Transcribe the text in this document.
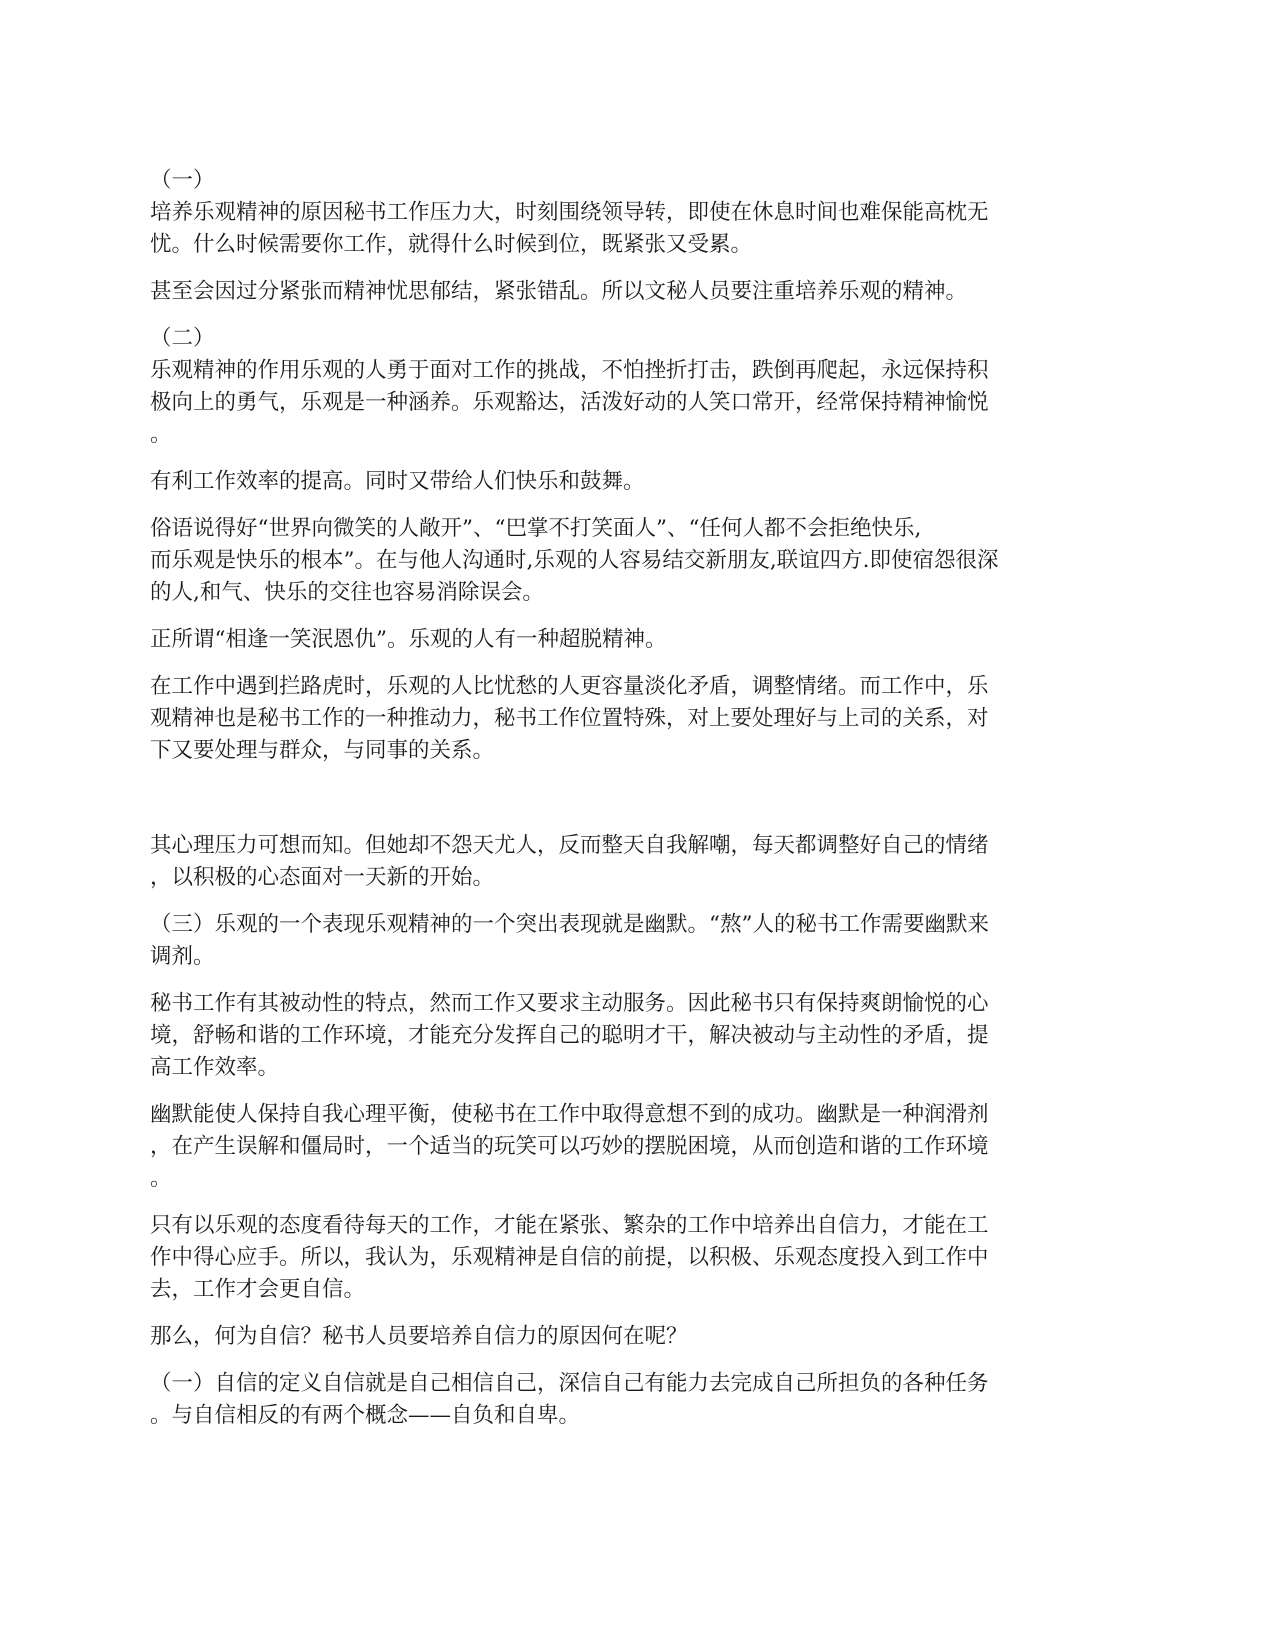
（一）
培养乐观精神的原因秘书工作压力大，时刻围绕领导转，即使在休息时间也难保能高枕无
忧。什么时候需要你工作，就得什么时候到位，既紧张又受累。
甚至会因过分紧张而精神忧思郁结，紧张错乱。所以文秘人员要注重培养乐观的精神。
（二）
乐观精神的作用乐观的人勇于面对工作的挑战，不怕挫折打击，跌倒再爬起，永远保持积
极向上的勇气，乐观是一种涵养。乐观豁达，活泼好动的人笑口常开，经常保持精神愉悦
。
有利工作效率的提高。同时又带给人们快乐和鼓舞。
俗语说得好“世界向微笑的人敞开”、“巴掌不打笑面人”、“任何人都不会拒绝快乐,
而乐观是快乐的根本”。在与他人沟通时,乐观的人容易结交新朋友,联谊四方.即使宿怨很深
的人,和气、快乐的交往也容易消除误会。
正所谓“相逢一笑泯恩仇”。乐观的人有一种超脱精神。
在工作中遇到拦路虎时，乐观的人比忧愁的人更容量淡化矛盾，调整情绪。而工作中，乐
观精神也是秘书工作的一种推动力，秘书工作位置特殊，对上要处理好与上司的关系，对
下又要处理与群众，与同事的关系。
其心理压力可想而知。但她却不怨天尤人，反而整天自我解嘲，每天都调整好自己的情绪
，以积极的心态面对一天新的开始。
（三）乐观的一个表现乐观精神的一个突出表现就是幽默。“熬”人的秘书工作需要幽默来
调剂。
秘书工作有其被动性的特点，然而工作又要求主动服务。因此秘书只有保持爽朗愉悦的心
境，舒畅和谐的工作环境，才能充分发挥自己的聪明才干，解决被动与主动性的矛盾，提
高工作效率。
幽默能使人保持自我心理平衡，使秘书在工作中取得意想不到的成功。幽默是一种润滑剂
，在产生误解和僵局时，一个适当的玩笑可以巧妙的摆脱困境，从而创造和谐的工作环境
。
只有以乐观的态度看待每天的工作，才能在紧张、繁杂的工作中培养出自信力，才能在工
作中得心应手。所以，我认为，乐观精神是自信的前提，以积极、乐观态度投入到工作中
去，工作才会更自信。
那么，何为自信？秘书人员要培养自信力的原因何在呢？
（一）自信的定义自信就是自己相信自己，深信自己有能力去完成自己所担负的各种任务
。与自信相反的有两个概念——自负和自卑。
